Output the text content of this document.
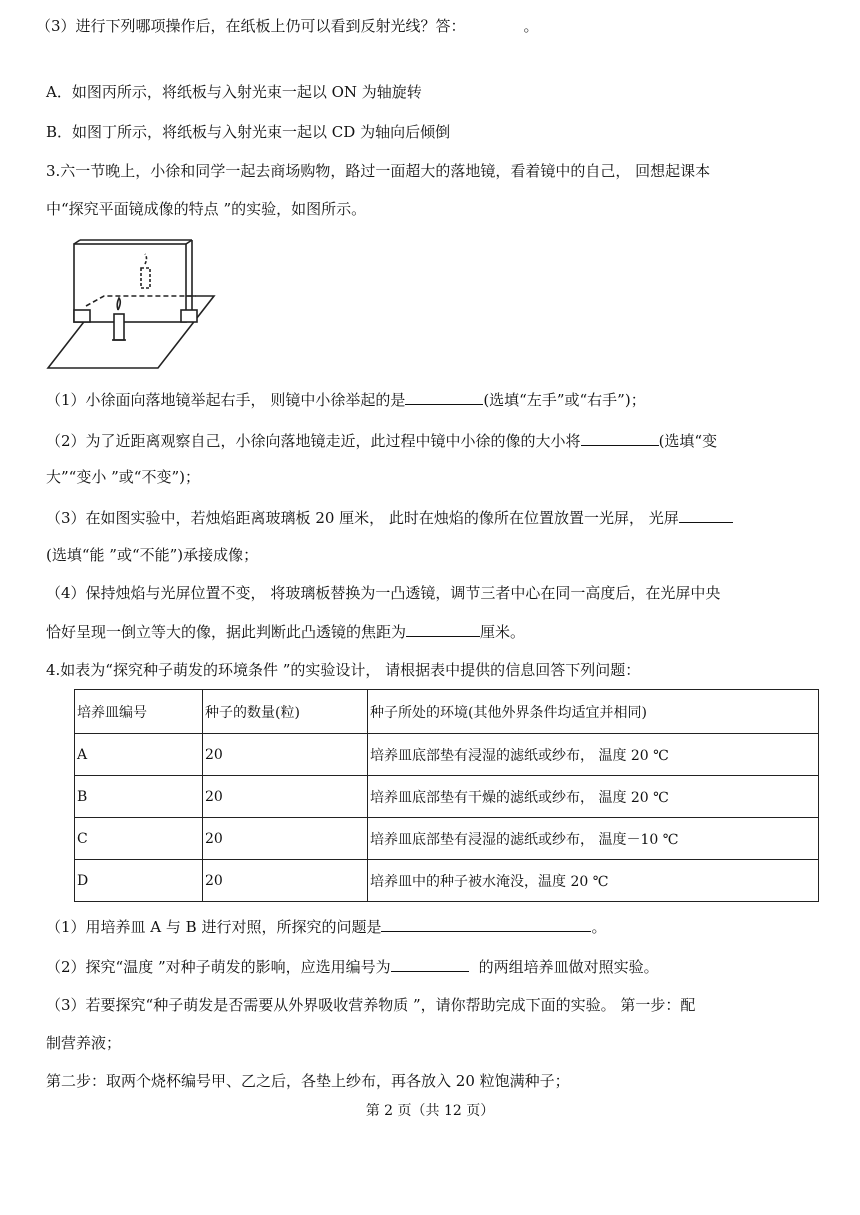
（3）进行下列哪项操作后，在纸板上仍可以看到反射光线？答：	。
A．如图丙所示，将纸板与入射光束一起以 ON 为轴旋转
B．如图丁所示，将纸板与入射光束一起以 CD 为轴向后倾倒
3.六一节晚上，小徐和同学一起去商场购物，路过一面超大的落地镜，看着镜中的自己， 回想起课本
中“探究平面镜成像的特点 ”的实验，如图所示。
（1）小徐面向落地镜举起右手， 则镜中小徐举起的是	(选填“左手”或“右手”)；
（2）为了近距离观察自己，小徐向落地镜走近，此过程中镜中小徐的像的大小将	(选填“变
大”“变小 ”或“不变”)；
（3）在如图实验中，若烛焰距离玻璃板 20 厘米， 此时在烛焰的像所在位置放置一光屏， 光屏
(选填“能 ”或“不能”)承接成像；
（4）保持烛焰与光屏位置不变， 将玻璃板替换为一凸透镜，调节三者中心在同一高度后，在光屏中央
恰好呈现一倒立等大的像，据此判断此凸透镜的焦距为	厘米。
4.如表为“探究种子萌发的环境条件 ”的实验设计， 请根据表中提供的信息回答下列问题：
培养皿编号	种子的数量(粒)	种子所处的环境(其他外界条件均适宜并相同)
A	20	培养皿底部垫有浸湿的滤纸或纱布， 温度 20 ℃
B	20	培养皿底部垫有干燥的滤纸或纱布， 温度 20 ℃
C	20	培养皿底部垫有浸湿的滤纸或纱布， 温度－10 ℃
D	20	培养皿中的种子被水淹没，温度 20 ℃
（1）用培养皿 A 与 B 进行对照，所探究的问题是	。
（2）探究“温度 ”对种子萌发的影响，应选用编号为	的两组培养皿做对照实验。
（3）若要探究“种子萌发是否需要从外界吸收营养物质 ”，请你帮助完成下面的实验。 第一步：配
制营养液；
第二步：取两个烧杯编号甲、乙之后，各垫上纱布，再各放入 20 粒饱满种子；
第 2 页（共 12 页）
